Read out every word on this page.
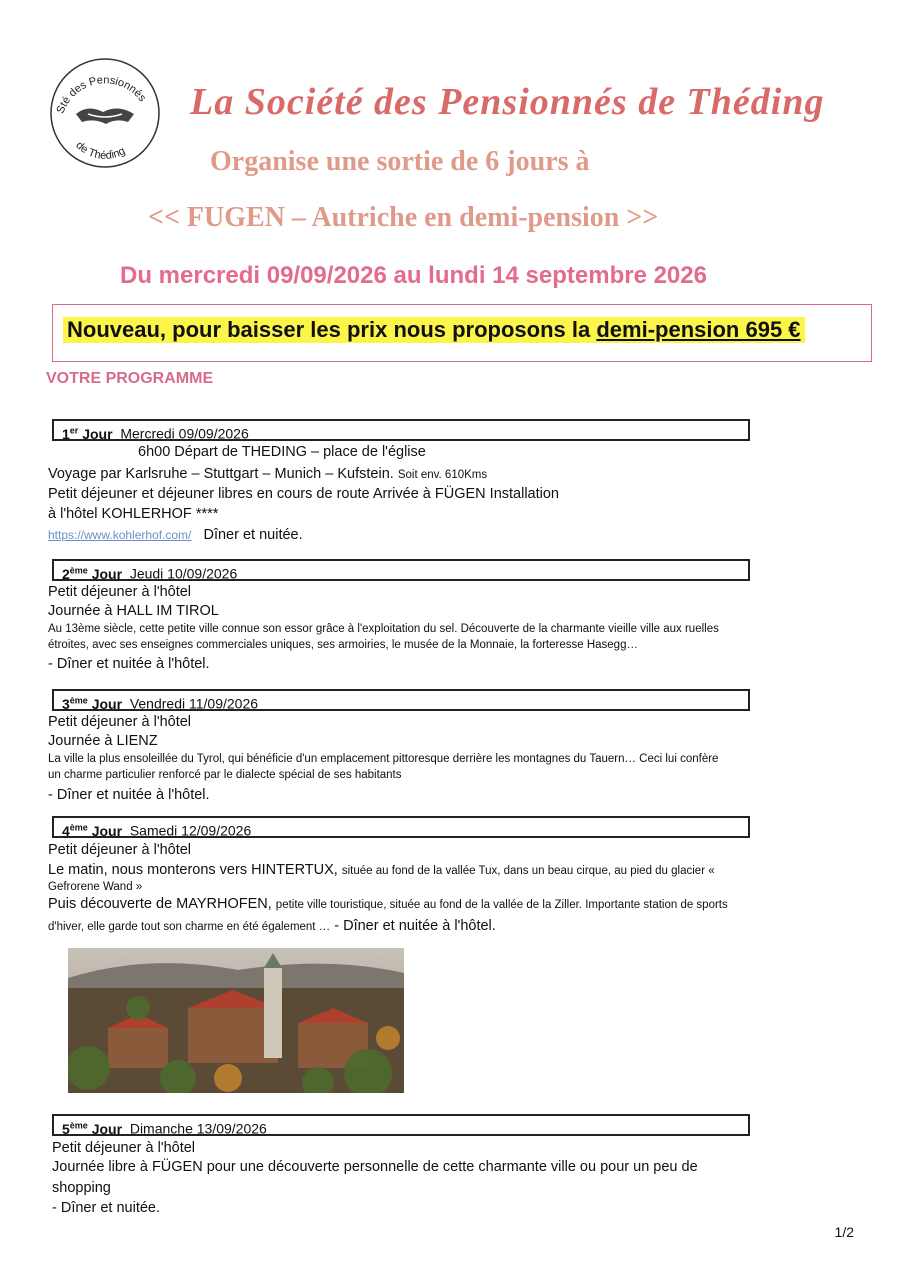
Sté des Pensionnés
de Théding
La Société des Pensionnés de Théding
Organise une sortie de 6 jours à
<< FUGEN – Autriche en demi-pension >>
Du mercredi 09/09/2026 au lundi 14 septembre 2026
Nouveau, pour baisser les prix nous proposons la demi-pension 695 €
VOTRE PROGRAMME
1er Jour Mercredi 09/09/2026
6h00 Départ de THEDING – place de l'église
Voyage par Karlsruhe – Stuttgart – Munich – Kufstein. Soit env. 610Kms
Petit déjeuner et déjeuner libres en cours de route Arrivée à FÜGEN Installation
à l'hôtel KOHLERHOF ****
https://www.kohlerhof.com/ Dîner et nuitée.
2ème Jour Jeudi 10/09/2026
Petit déjeuner à l'hôtel
Journée à HALL IM TIROL
Au 13ème siècle, cette petite ville connue son essor grâce à l'exploitation du sel. Découverte de la charmante vieille ville aux ruelles
étroites, avec ses enseignes commerciales uniques, ses armoiries, le musée de la Monnaie, la forteresse Hasegg…
- Dîner et nuitée à l'hôtel.
3ème Jour Vendredi 11/09/2026
Petit déjeuner à l'hôtel
Journée à LIENZ
La ville la plus ensoleillée du Tyrol, qui bénéficie d'un emplacement pittoresque derrière les montagnes du Tauern… Ceci lui confère
un charme particulier renforcé par le dialecte spécial de ses habitants
- Dîner et nuitée à l'hôtel.
4ème Jour Samedi 12/09/2026
Petit déjeuner à l'hôtel
Le matin, nous monterons vers HINTERTUX, située au fond de la vallée Tux, dans un beau cirque, au pied du glacier «
Gefrorene Wand »
Puis découverte de MAYRHOFEN, petite ville touristique, située au fond de la vallée de la Ziller. Importante station de sports
d'hiver, elle garde tout son charme en été également … - Dîner et nuitée à l'hôtel.
5ème Jour Dimanche 13/09/2026
Petit déjeuner à l'hôtel
Journée libre à FÜGEN pour une découverte personnelle de cette charmante ville ou pour un peu de
shopping
- Dîner et nuitée.
1/2
